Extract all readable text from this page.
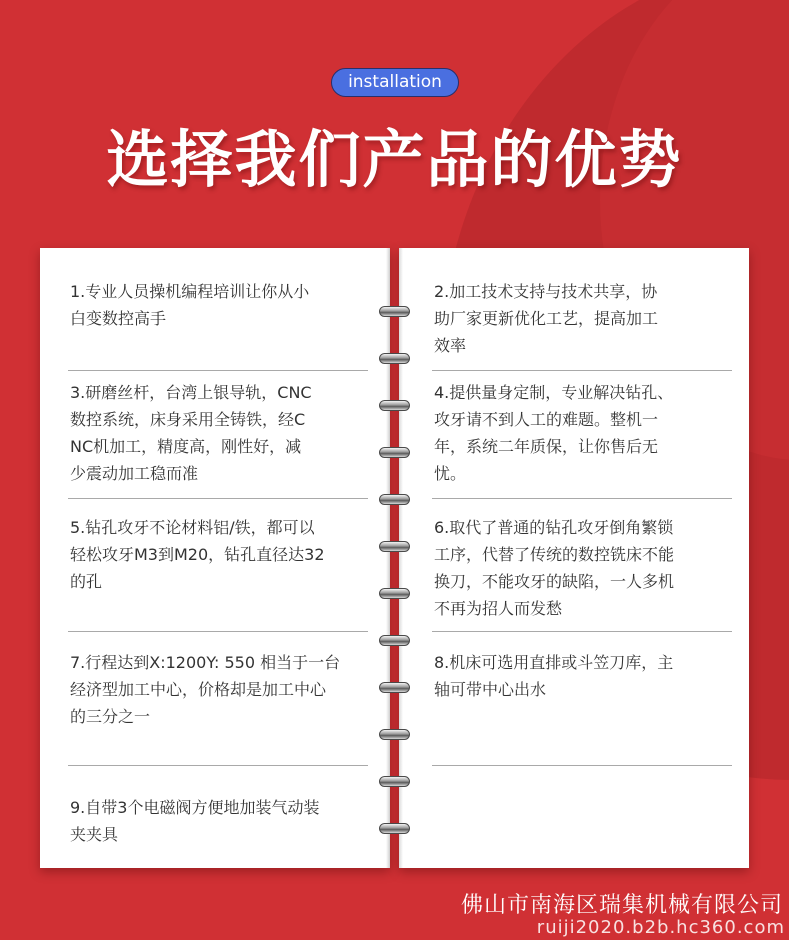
installation
选择我们产品的优势
1.专业人员操机编程培训让你从小
白变数控高手
3.研磨丝杆，台湾上银导轨，CNC
数控系统，床身采用全铸铁，经C
NC机加工，精度高，刚性好，减
少震动加工稳而准
5.钻孔攻牙不论材料铝/铁，都可以
轻松攻牙M3到M20，钻孔直径达32
的孔
7.行程达到X:1200Y: 550 相当于一台
经济型加工中心，价格却是加工中心
的三分之一
9.自带3个电磁阀方便地加装气动装
夹夹具
2.加工技术支持与技术共享，协
助厂家更新优化工艺，提高加工
效率
4.提供量身定制，专业解决钻孔、
攻牙请不到人工的难题。整机一
年，系统二年质保，让你售后无
忧。
6.取代了普通的钻孔攻牙倒角繁锁
工序，代替了传统的数控铣床不能
换刀，不能攻牙的缺陷，一人多机
不再为招人而发愁
8.机床可选用直排或斗笠刀库，主
轴可带中心出水
佛山市南海区瑞集机械有限公司
ruiji2020.b2b.hc360.com
